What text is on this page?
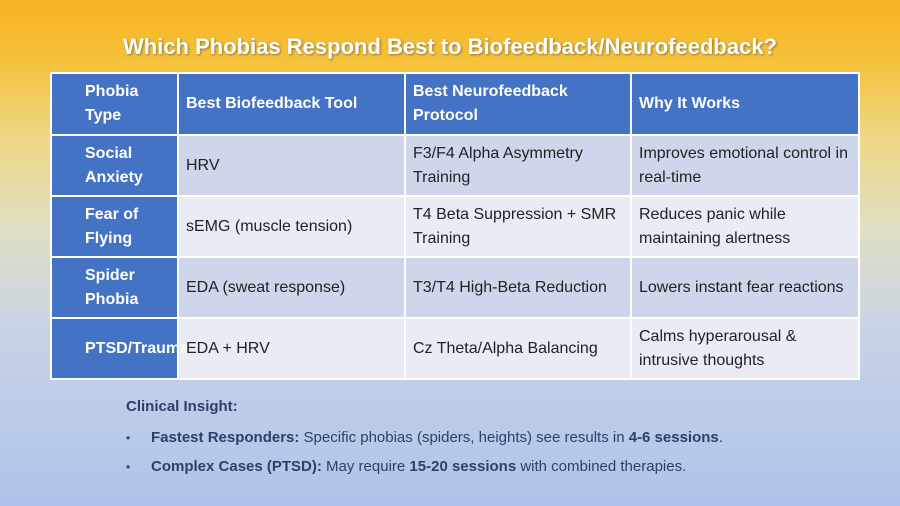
Which Phobias Respond Best to Biofeedback/Neurofeedback?
Phobia Type	Best Biofeedback Tool	Best Neurofeedback Protocol	Why It Works
Social Anxiety	HRV	F3/F4 Alpha Asymmetry Training	Improves emotional control in real-time
Fear of Flying	sEMG (muscle tension)	T4 Beta Suppression + SMR Training	Reduces panic while maintaining alertness
Spider Phobia	EDA (sweat response)	T3/T4 High-Beta Reduction	Lowers instant fear reactions
PTSD/Trauma	EDA + HRV	Cz Theta/Alpha Balancing	Calms hyperarousal & intrusive thoughts
Clinical Insight:
• Fastest Responders: Specific phobias (spiders, heights) see results in 4-6 sessions.
• Complex Cases (PTSD): May require 15-20 sessions with combined therapies.
